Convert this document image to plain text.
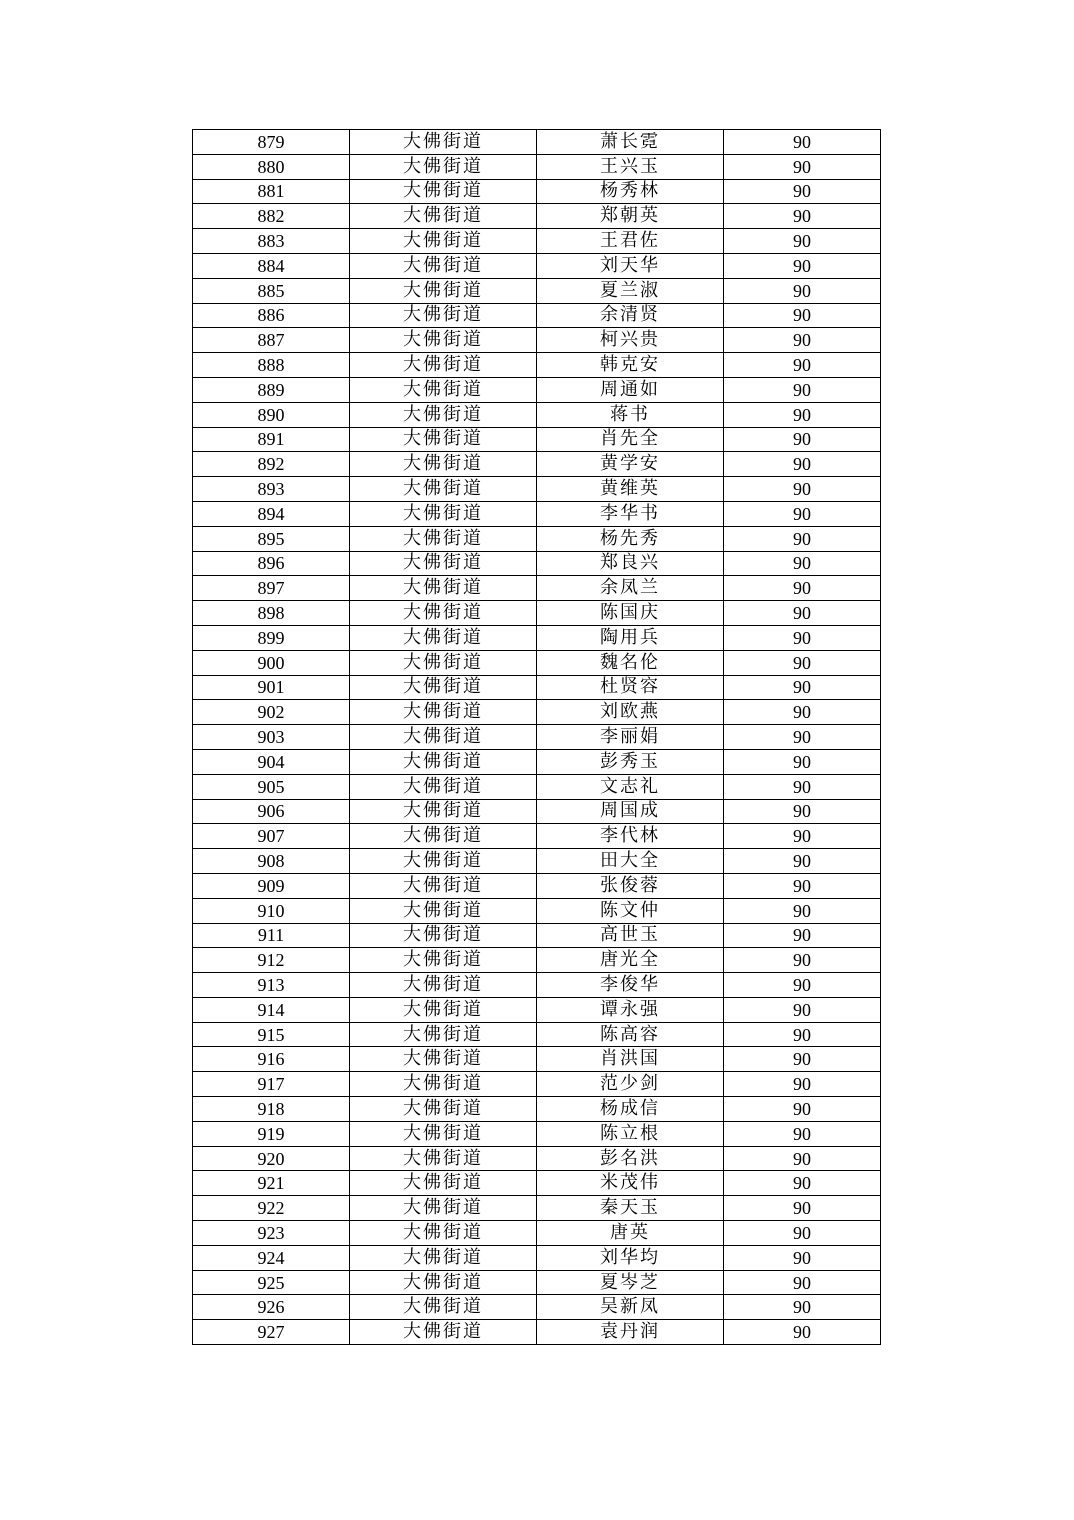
879	大佛街道	萧长霓	90
880	大佛街道	王兴玉	90
881	大佛街道	杨秀林	90
882	大佛街道	郑朝英	90
883	大佛街道	王君佐	90
884	大佛街道	刘天华	90
885	大佛街道	夏兰淑	90
886	大佛街道	余清贤	90
887	大佛街道	柯兴贵	90
888	大佛街道	韩克安	90
889	大佛街道	周通如	90
890	大佛街道	蒋书	90
891	大佛街道	肖先全	90
892	大佛街道	黄学安	90
893	大佛街道	黄维英	90
894	大佛街道	李华书	90
895	大佛街道	杨先秀	90
896	大佛街道	郑良兴	90
897	大佛街道	余凤兰	90
898	大佛街道	陈国庆	90
899	大佛街道	陶用兵	90
900	大佛街道	魏名伦	90
901	大佛街道	杜贤容	90
902	大佛街道	刘欧燕	90
903	大佛街道	李丽娟	90
904	大佛街道	彭秀玉	90
905	大佛街道	文志礼	90
906	大佛街道	周国成	90
907	大佛街道	李代林	90
908	大佛街道	田大全	90
909	大佛街道	张俊蓉	90
910	大佛街道	陈文仲	90
911	大佛街道	高世玉	90
912	大佛街道	唐光全	90
913	大佛街道	李俊华	90
914	大佛街道	谭永强	90
915	大佛街道	陈高容	90
916	大佛街道	肖洪国	90
917	大佛街道	范少剑	90
918	大佛街道	杨成信	90
919	大佛街道	陈立根	90
920	大佛街道	彭名洪	90
921	大佛街道	米茂伟	90
922	大佛街道	秦天玉	90
923	大佛街道	唐英	90
924	大佛街道	刘华均	90
925	大佛街道	夏岑芝	90
926	大佛街道	吴新凤	90
927	大佛街道	袁丹润	90
